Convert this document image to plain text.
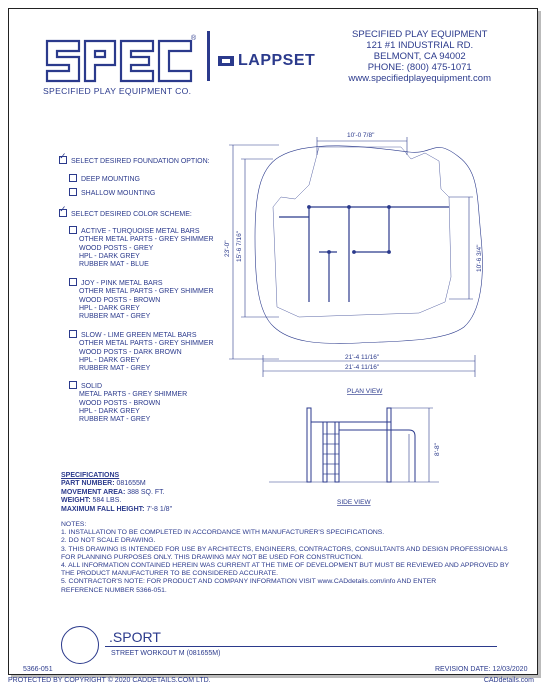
®
SPECIFIED PLAY EQUIPMENT CO.
LAPPSET
SPECIFIED PLAY EQUIPMENT
121 #1 INDUSTRIAL RD.
BELMONT, CA 94002
PHONE: (800) 475-1071
www.specifiedplayequipment.com
✓SELECT DESIRED FOUNDATION OPTION:
DEEP MOUNTING
SHALLOW MOUNTING
✓SELECT DESIRED COLOR SCHEME:
ACTIVE - TURQUOISE METAL BARS
OTHER METAL PARTS - GREY SHIMMER
WOOD POSTS - GREY
HPL - DARK GREY
RUBBER MAT - BLUE
JOY - PINK METAL BARS
OTHER METAL PARTS - GREY SHIMMER
WOOD POSTS - BROWN
HPL - DARK GREY
RUBBER MAT - GREY
SLOW - LIME GREEN METAL BARS
OTHER METAL PARTS - GREY SHIMMER
WOOD POSTS - DARK BROWN
HPL - DARK GREY
RUBBER MAT - GREY
SOLID
METAL PARTS - GREY SHIMMER
WOOD POSTS - BROWN
HPL - DARK GREY
RUBBER MAT - GREY
10'-0 7/8"
23'-0" 15'-6 7/16"	10'-6 3/4"
21'-4 11/16"
21'-4 11/16"
PLAN VIEW
8'-8"
SIDE VIEW
SPECIFICATIONS
PART NUMBER: 081655M
MOVEMENT AREA: 388 SQ. FT.
WEIGHT: 584 LBS.
MAXIMUM FALL HEIGHT: 7'-8 1/8"
NOTES:
1. INSTALLATION TO BE COMPLETED IN ACCORDANCE WITH MANUFACTURER'S SPECIFICATIONS.
2. DO NOT SCALE DRAWING.
3. THIS DRAWING IS INTENDED FOR USE BY ARCHITECTS, ENGINEERS, CONTRACTORS, CONSULTANTS AND DESIGN PROFESSIONALS
FOR PLANNING PURPOSES ONLY. THIS DRAWING MAY NOT BE USED FOR CONSTRUCTION.
4. ALL INFORMATION CONTAINED HEREIN WAS CURRENT AT THE TIME OF DEVELOPMENT BUT MUST BE REVIEWED AND APPROVED BY
THE PRODUCT MANUFACTURER TO BE CONSIDERED ACCURATE.
5. CONTRACTOR'S NOTE: FOR PRODUCT AND COMPANY INFORMATION VISIT www.CADdetails.com/info AND ENTER
REFERENCE NUMBER 5366-051.
.SPORT
STREET WORKOUT M (081655M)
5366-051	REVISION DATE: 12/03/2020
PROTECTED BY COPYRIGHT © 2020 CADDETAILS.COM LTD.	CADdetails.com
